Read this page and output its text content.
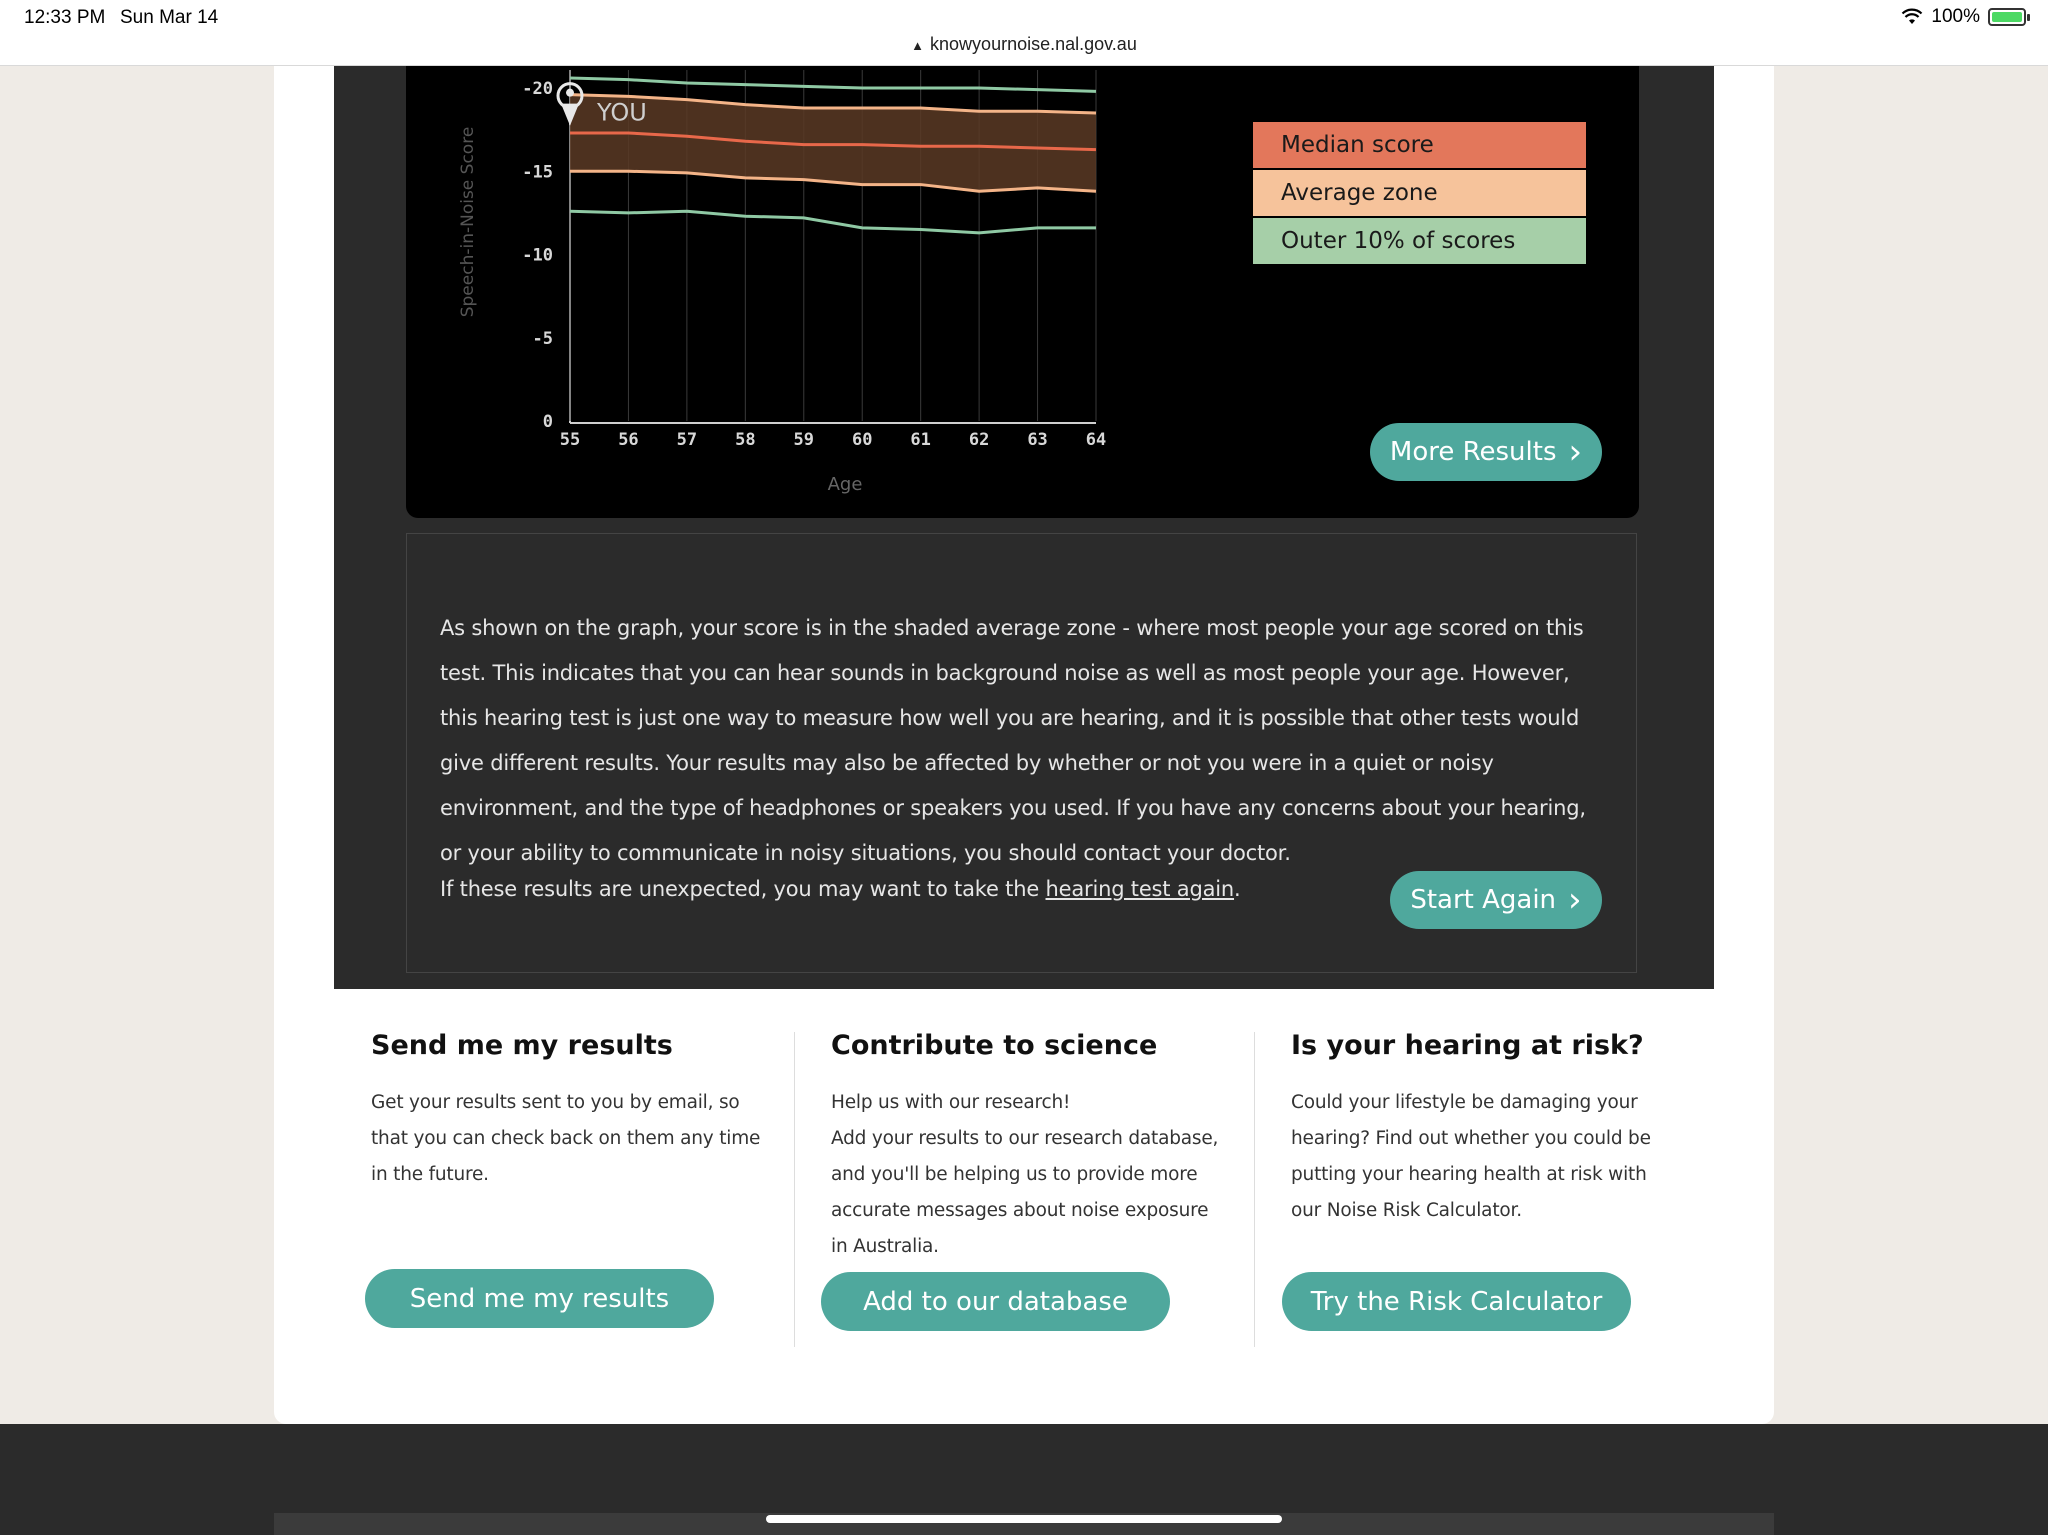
12:33 PM Sun Mar 14
▲ knowyournoise.nal.gov.au
100%
Speech-in-Noise Score
Age
55 56 57 58 59 60 61 62 63 64
-20
-15
-10
-5
0
YOU
Median score
Average zone
Outer 10% of scores
More Results ›

As shown on the graph, your score is in the shaded average zone - where most people your age scored on this test. This indicates that you can hear sounds in background noise as well as most people your age. However, this hearing test is just one way to measure how well you are hearing, and it is possible that other tests would give different results. Your results may also be affected by whether or not you were in a quiet or noisy environment, and the type of headphones or speakers you used. If you have any concerns about your hearing, or your ability to communicate in noisy situations, you should contact your doctor.

If these results are unexpected, you may want to take the hearing test again.	Start Again ›
Send me my results

Get your results sent to you by email, so that you can check back on them any time in the future.

Send me my results
Contribute to science

Help us with our research!

Add your results to our research database, and you'll be helping us to provide more accurate messages about noise exposure in Australia.

Add to our database
Is your hearing at risk?

Could your lifestyle be damaging your hearing? Find out whether you could be putting your hearing health at risk with our Noise Risk Calculator.

Try the Risk Calculator
